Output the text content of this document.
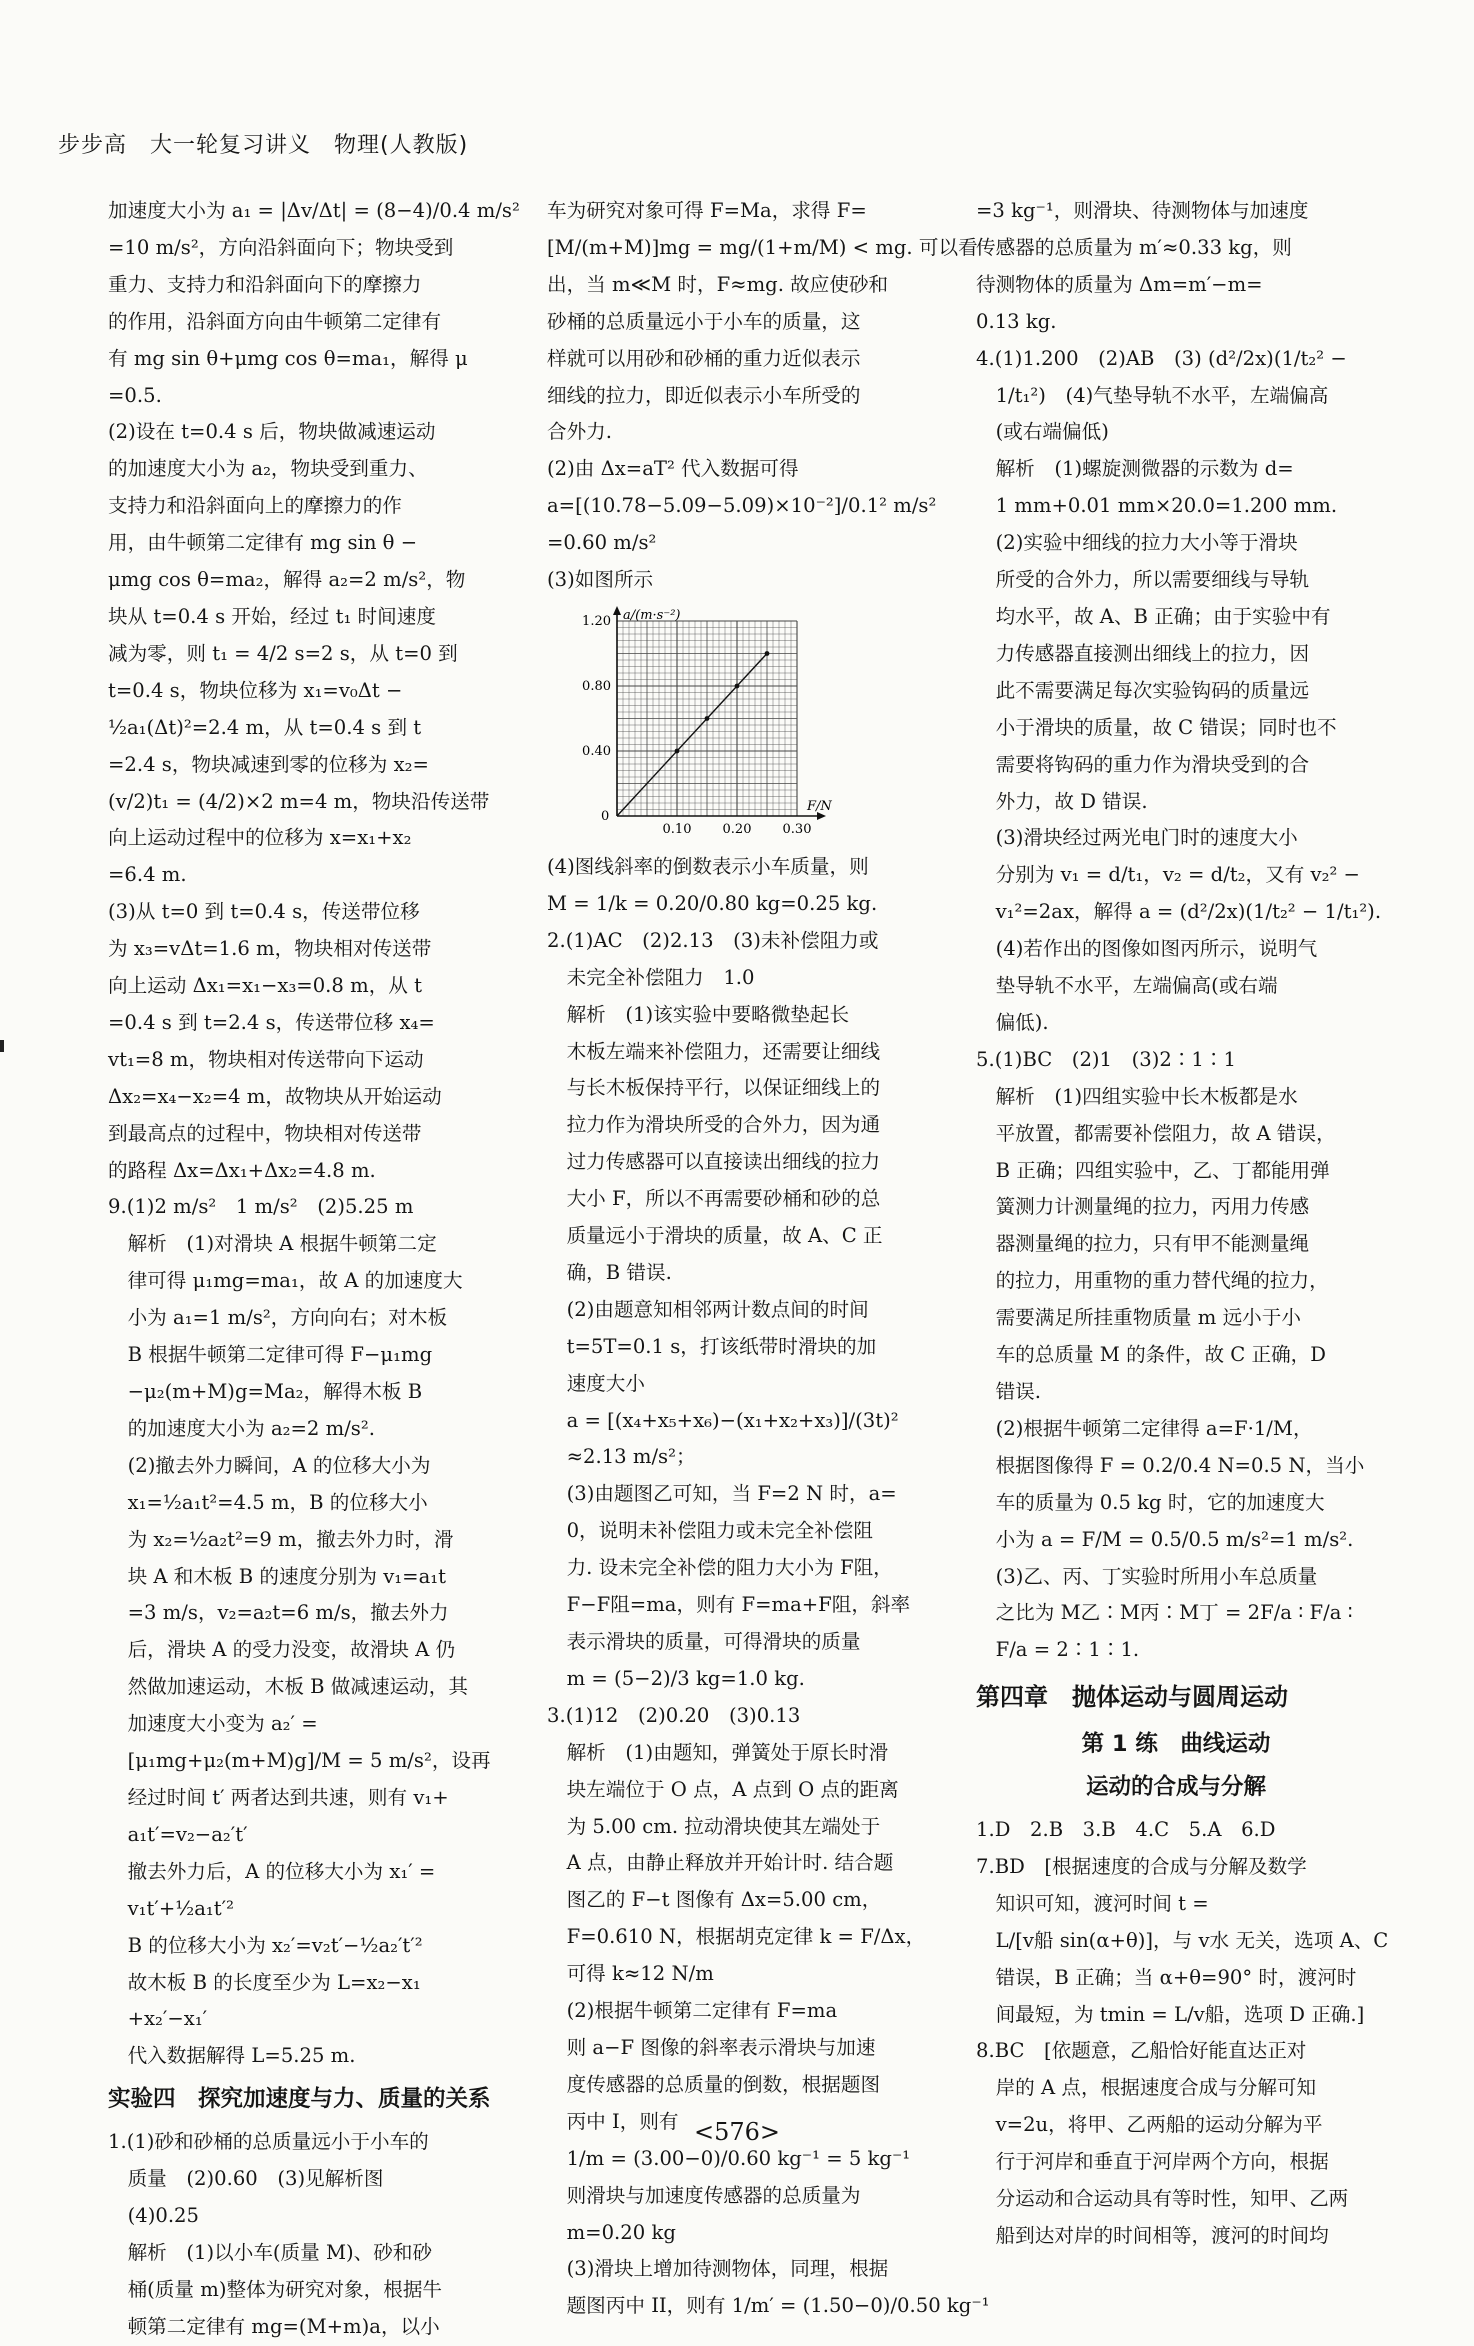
步步高　大一轮复习讲义　物理(人教版)

加速度大小为 a₁ = |Δv/Δt| = (8−4)/0.4 m/s²

=10 m/s²，方向沿斜面向下；物块受到

重力、支持力和沿斜面向下的摩擦力

的作用，沿斜面方向由牛顿第二定律有

有 mg sin θ+μmg cos θ=ma₁，解得 μ

=0.5.

(2)设在 t=0.4 s 后，物块做减速运动

的加速度大小为 a₂，物块受到重力、

支持力和沿斜面向上的摩擦力的作

用，由牛顿第二定律有 mg sin θ −

μmg cos θ=ma₂，解得 a₂=2 m/s²，物

块从 t=0.4 s 开始，经过 t₁ 时间速度

减为零，则 t₁ = 4/2 s=2 s，从 t=0 到

t=0.4 s，物块位移为 x₁=v₀Δt −

½a₁(Δt)²=2.4 m，从 t=0.4 s 到 t

=2.4 s，物块减速到零的位移为 x₂=

(v/2)t₁ = (4/2)×2 m=4 m，物块沿传送带

向上运动过程中的位移为 x=x₁+x₂

=6.4 m.

(3)从 t=0 到 t=0.4 s，传送带位移

为 x₃=vΔt=1.6 m，物块相对传送带

向上运动 Δx₁=x₁−x₃=0.8 m，从 t

=0.4 s 到 t=2.4 s，传送带位移 x₄=

vt₁=8 m，物块相对传送带向下运动

Δx₂=x₄−x₂=4 m，故物块从开始运动

到最高点的过程中，物块相对传送带

的路程 Δx=Δx₁+Δx₂=4.8 m.

9.(1)2 m/s²　1 m/s²　(2)5.25 m

　解析　(1)对滑块 A 根据牛顿第二定

　律可得 μ₁mg=ma₁，故 A 的加速度大

　小为 a₁=1 m/s²，方向向右；对木板

　B 根据牛顿第二定律可得 F−μ₁mg

　−μ₂(m+M)g=Ma₂，解得木板 B

　的加速度大小为 a₂=2 m/s².

　(2)撤去外力瞬间，A 的位移大小为

　x₁=½a₁t²=4.5 m，B 的位移大小

　为 x₂=½a₂t²=9 m，撤去外力时，滑

　块 A 和木板 B 的速度分别为 v₁=a₁t

　=3 m/s，v₂=a₂t=6 m/s，撤去外力

　后，滑块 A 的受力没变，故滑块 A 仍

　然做加速运动，木板 B 做减速运动，其

　加速度大小变为 a₂′ =

　[μ₁mg+μ₂(m+M)g]/M = 5 m/s²，设再

　经过时间 t′ 两者达到共速，则有 v₁+

　a₁t′=v₂−a₂′t′

　撤去外力后，A 的位移大小为 x₁′ =

　v₁t′+½a₁t′²

　B 的位移大小为 x₂′=v₂t′−½a₂′t′²

　故木板 B 的长度至少为 L=x₂−x₁

　+x₂′−x₁′

　代入数据解得 L=5.25 m.

实验四　探究加速度与力、质量的关系

1.(1)砂和砂桶的总质量远小于小车的

　质量　(2)0.60　(3)见解析图

　(4)0.25

　解析　(1)以小车(质量 M)、砂和砂

　桶(质量 m)整体为研究对象，根据牛

　顿第二定律有 mg=(M+m)a，以小

车为研究对象可得 F=Ma，求得 F=

[M/(m+M)]mg = mg/(1+m/M) < mg. 可以看

出，当 m≪M 时，F≈mg. 故应使砂和

砂桶的总质量远小于小车的质量，这

样就可以用砂和砂桶的重力近似表示

细线的拉力，即近似表示小车所受的

合外力.

(2)由 Δx=aT² 代入数据可得

a=[(10.78−5.09−5.09)×10⁻²]/0.1² m/s²

=0.60 m/s²

(3)如图所示

a/(m·s⁻²)
F/N
0
0.10 0.20 0.30
0.40
0.80
1.20

(4)图线斜率的倒数表示小车质量，则

M = 1/k = 0.20/0.80 kg=0.25 kg.

2.(1)AC　(2)2.13　(3)未补偿阻力或

　未完全补偿阻力　1.0

　解析　(1)该实验中要略微垫起长

　木板左端来补偿阻力，还需要让细线

　与长木板保持平行，以保证细线上的

　拉力作为滑块所受的合外力，因为通

　过力传感器可以直接读出细线的拉力

　大小 F，所以不再需要砂桶和砂的总

　质量远小于滑块的质量，故 A、C 正

　确，B 错误.

　(2)由题意知相邻两计数点间的时间

　t=5T=0.1 s，打该纸带时滑块的加

　速度大小

　a = [(x₄+x₅+x₆)−(x₁+x₂+x₃)]/(3t)²

　≈2.13 m/s²；

　(3)由题图乙可知，当 F=2 N 时，a=

　0，说明未补偿阻力或未完全补偿阻

　力. 设未完全补偿的阻力大小为 F阻，

　F−F阻=ma，则有 F=ma+F阻，斜率

　表示滑块的质量，可得滑块的质量

　m = (5−2)/3 kg=1.0 kg.

3.(1)12　(2)0.20　(3)0.13

　解析　(1)由题知，弹簧处于原长时滑

　块左端位于 O 点，A 点到 O 点的距离

　为 5.00 cm. 拉动滑块使其左端处于

　A 点，由静止释放并开始计时. 结合题

　图乙的 F−t 图像有 Δx=5.00 cm，

　F=0.610 N，根据胡克定律 k = F/Δx，

　可得 k≈12 N/m

　(2)根据牛顿第二定律有 F=ma

　则 a−F 图像的斜率表示滑块与加速

　度传感器的总质量的倒数，根据题图

　丙中 I，则有

　1/m = (3.00−0)/0.60 kg⁻¹ = 5 kg⁻¹

　则滑块与加速度传感器的总质量为

　m=0.20 kg

　(3)滑块上增加待测物体，同理，根据

　题图丙中 II，则有 1/m′ = (1.50−0)/0.50 kg⁻¹

=3 kg⁻¹，则滑块、待测物体与加速度

传感器的总质量为 m′≈0.33 kg，则

待测物体的质量为 Δm=m′−m=

0.13 kg.

4.(1)1.200　(2)AB　(3) (d²/2x)(1/t₂² −

　1/t₁²)　(4)气垫导轨不水平，左端偏高

　(或右端偏低)

　解析　(1)螺旋测微器的示数为 d=

　1 mm+0.01 mm×20.0=1.200 mm.

　(2)实验中细线的拉力大小等于滑块

　所受的合外力，所以需要细线与导轨

　均水平，故 A、B 正确；由于实验中有

　力传感器直接测出细线上的拉力，因

　此不需要满足每次实验钩码的质量远

　小于滑块的质量，故 C 错误；同时也不

　需要将钩码的重力作为滑块受到的合

　外力，故 D 错误.

　(3)滑块经过两光电门时的速度大小

　分别为 v₁ = d/t₁，v₂ = d/t₂，又有 v₂² −

　v₁²=2ax，解得 a = (d²/2x)(1/t₂² − 1/t₁²).

　(4)若作出的图像如图丙所示，说明气

　垫导轨不水平，左端偏高(或右端

　偏低).

5.(1)BC　(2)1　(3)2∶1∶1

　解析　(1)四组实验中长木板都是水

　平放置，都需要补偿阻力，故 A 错误，

　B 正确；四组实验中，乙、丁都能用弹

　簧测力计测量绳的拉力，丙用力传感

　器测量绳的拉力，只有甲不能测量绳

　的拉力，用重物的重力替代绳的拉力，

　需要满足所挂重物质量 m 远小于小

　车的总质量 M 的条件，故 C 正确，D

　错误.

　(2)根据牛顿第二定律得 a=F·1/M，

　根据图像得 F = 0.2/0.4 N=0.5 N，当小

　车的质量为 0.5 kg 时，它的加速度大

　小为 a = F/M = 0.5/0.5 m/s²=1 m/s².

　(3)乙、丙、丁实验时所用小车总质量

　之比为 M乙∶M丙∶M丁 = 2F/a ∶ F/a ∶

　F/a = 2∶1∶1.

第四章　抛体运动与圆周运动

第 1 练　曲线运动

运动的合成与分解

1.D　2.B　3.B　4.C　5.A　6.D

7.BD　[根据速度的合成与分解及数学

　知识可知，渡河时间 t =

　L/[v船 sin(α+θ)]，与 v水 无关，选项 A、C

　错误，B 正确；当 α+θ=90° 时，渡河时

　间最短，为 tmin = L/v船，选项 D 正确.]

8.BC　[依题意，乙船恰好能直达正对

　岸的 A 点，根据速度合成与分解可知

　v=2u，将甲、乙两船的运动分解为平

　行于河岸和垂直于河岸两个方向，根据

　分运动和合运动具有等时性，知甲、乙两

　船到达对岸的时间相等，渡河的时间均

<576>
